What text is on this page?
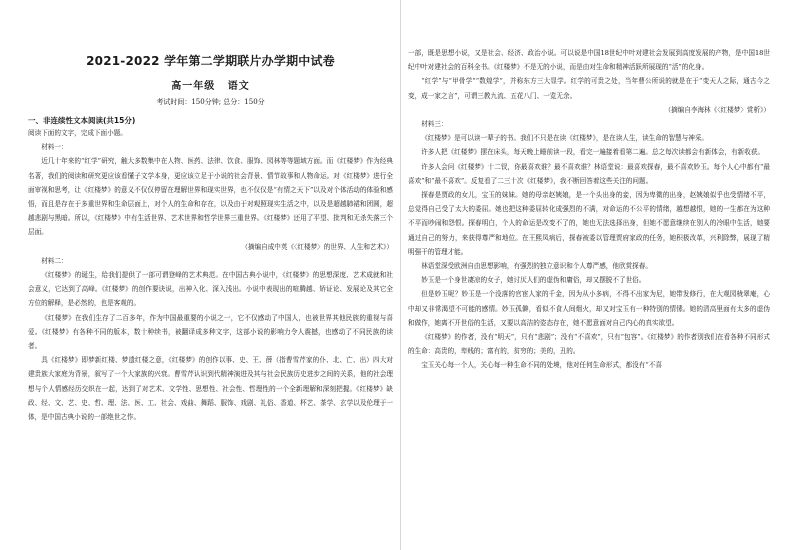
2021-2022 学年第二学期联片办学期中试卷
高一年级 语文
考试时间：150分钟; 总分：150分
一、非连续性文本阅读(共15分)

阅读下面的文字，完成下面小题。

材料一：

近几十年来的“红学”研究，触大多数集中在人物、医药、法律、饮食、服饰、园林等等题域方面。而《红楼梦》作为经典名著，我们的阅读和研究更应该看懂子文学本身，更应该立足于小说的社会背景、情节故事和人物命运。对《红楼梦》进行全面审视和思考，让《红楼梦》的意义不仅仅停留在理解世界和现实世界，也不仅仅是“有情之天下”以及对个体活动的体验和感悟，而且是存在于多重世界和生命层面上，对个人的生命和存在，以及由于对观照现实生活之中，以及是超越肺裙和团圆，超越悲剧与黑暗。所以，《红楼梦》中有生活世界、艺术世界和哲学世界三重世界。《红楼梦》还用了平望、批判和无杀失落三个层面。

（摘编自成中英《〈红楼梦〉的世界、人生和艺术》）

材料二：

《红楼梦》的诞生，给我们提供了一部可谓登峰的艺术典范。在中国古典小说中，《红楼梦》的思想深度、艺术成就和社会意义，它达到了高峰。《红楼梦》的创作要诀说，出神入化、深入浅出。小说中表现出的喧腾越、矫证论、发展论及其它全方位的解释，是必然的，也是客观的。

《红楼梦》在我们生存了二百多年，作为中国最重要的小说之一，它不仅感动了中国人，也被世界其他民族的重视与喜爱。《红楼梦》有各种不同的版本，数十种续书，被翻译成多种文字，这部小说的影响力令人震撼，也感动了不同民族的读者。

具《红楼梦》即梦新红楼、梦遗红楼之意，《红楼梦》的创作以事、史、王、薛（指曹雪芹家的仆、北、亡、出）四大对建贵族大家庭为背景，叙写了一个大家族的兴衰。曹雪芹认识到代精神演进及其与社会民族历史进步之间的关系，他的社会理想与个人情感经历交织在一起，达到了对艺术、文学性、思想性、社会性、哲理性的一个全新理解和深刻把握。《红楼梦》缺政、经、文、艺、史、哲、理、法、医、工、社会、戏曲、舞蹈、服饰、戏剧、礼俗、香道、杯艺、茶学、玄学以及伦理于一体，是中国古典小说的一部绝世之作。

一部，既是思想小说，又是社会、经济、政治小说。可以说是中国18世纪中叶对建社会发展到高度发展的产物，是中国18世纪中叶对建社会的百科全书。《红楼梦》不是无的小说，而是由对生命和精神活跃所展现的“活”的化身。

“红学”与“甲骨学”“数煌学”，并称东方三大显学。红学的可贵之处，当年曹公所说的就是在于“变天人之际，通古今之变，成一家之言”，可谓三教九流、五花八门、一览无余。

（摘编自李海林《〈红楼梦〉赏析》）

材料三：

《红楼梦》是可以读一辈子的书。我们不只是在读《红楼梦》，是在读人生，读生命的智慧与神采。

许多人把《红楼梦》摆在床头，每天晚上睡前读一段，看完一遍接着看第二遍。总之每次读都会有新体会，有新收获。

许多人会问《红楼梦》十二钗，你最喜欢谁？最不喜欢谁？林语堂说：最喜欢探春，最不喜欢妙玉。每个人心中都有“最喜欢”和“最不喜欢”。反复看了二三十次《红楼梦》，我不断回答着这些关注的问题。

探春是贾政的女儿，宝玉的妹妹。她的母亲赵姨娘，是一个头出身的妾，因为卑微的出身，赵姨娘似乎也受情绪不平，总觉得自己受了太大的委屈。她也把这种委屈转化成强烈的不满，对命运的不公平的情绪，越想越恨，她的一生都在为这种不平而吵闹和怨恨。探春明白，个人的命运是改变不了的，她也无法选择出身，但她不愿意继续在别人的冷眼中生活，她要通过自己的努力，来获得尊严和地位。在王熙凤病后，探春被委以管理贾府家政的任务，她积极改革，兴利除弊，展现了精明强干的管理才能。

林语堂深受欧洲自由思想影响，有强烈的独立意识和个人尊严感，他欣赏探春。

妙玉是一个身世凄凉的女子，她讨厌人们的虚伪和庸俗，却又摆脱不了世俗。

但是妙玉呢？妙玉是一个没落的官宦人家的千金，因为从小多病，不得不出家为尼，她带发修行，在大观园栊翠庵，心中却又非常渴望不可能的感情。妙玉孤僻，看似不食人间烟火，却又对宝玉有一种特别的情愫。她的清高里面有太多的虚伪和做作，她离不开世俗的生活，又要以高洁的姿态存在，她不愿意面对自己内心的真实欲望。

《红楼梦》的作者，没有“明天”，只有“悲剧”；没有“不喜欢”，只有“包容”。《红楼梦》的作者别我们在看各种不同形式的生命：高贵的，卑贱的；富有的，贫穷的；美的，丑的。

宝玉关心每一个人，关心每一种生命不同的处境，他对任何生命形式，都没有“不喜
